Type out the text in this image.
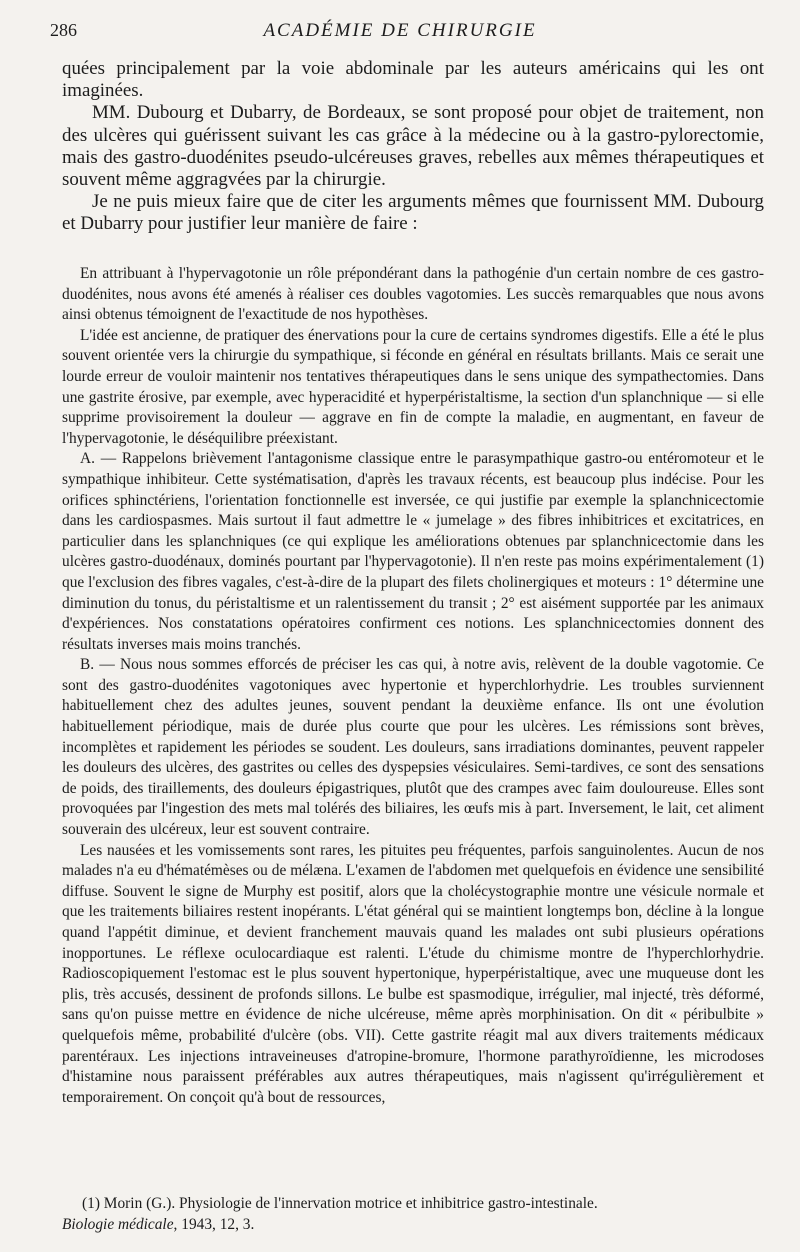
286	ACADÉMIE DE CHIRURGIE

quées principalement par la voie abdominale par les auteurs américains qui les ont imaginées.

MM. Dubourg et Dubarry, de Bordeaux, se sont proposé pour objet de traitement, non des ulcères qui guérissent suivant les cas grâce à la médecine ou à la gastro-pylorectomie, mais des gastro-duodénites pseudo-ulcéreuses graves, rebelles aux mêmes thérapeutiques et souvent même aggragvées par la chirurgie.

Je ne puis mieux faire que de citer les arguments mêmes que fournissent MM. Dubourg et Dubarry pour justifier leur manière de faire :

En attribuant à l'hypervagotonie un rôle prépondérant dans la pathogénie d'un certain nombre de ces gastro-duodénites, nous avons été amenés à réaliser ces doubles vagotomies. Les succès remarquables que nous avons ainsi obtenus témoignent de l'exactitude de nos hypothèses.

L'idée est ancienne, de pratiquer des énervations pour la cure de certains syndromes digestifs. Elle a été le plus souvent orientée vers la chirurgie du sympathique, si féconde en général en résultats brillants. Mais ce serait une lourde erreur de vouloir maintenir nos tentatives thérapeutiques dans le sens unique des sympathectomies. Dans une gastrite érosive, par exemple, avec hyperacidité et hyperpéristaltisme, la section d'un splanchnique — si elle supprime provisoirement la douleur — aggrave en fin de compte la maladie, en augmentant, en faveur de l'hypervagotonie, le déséquilibre préexistant.

A. — Rappelons brièvement l'antagonisme classique entre le parasympathique gastro-ou entéromoteur et le sympathique inhibiteur. Cette systématisation, d'après les travaux récents, est beaucoup plus indécise. Pour les orifices sphinctériens, l'orientation fonctionnelle est inversée, ce qui justifie par exemple la splanchnicectomie dans les cardiospasmes. Mais surtout il faut admettre le « jumelage » des fibres inhibitrices et excitatrices, en particulier dans les splanchniques (ce qui explique les améliorations obtenues par splanchnicectomie dans les ulcères gastro-duodénaux, dominés pourtant par l'hypervagotonie). Il n'en reste pas moins expérimentalement (1) que l'exclusion des fibres vagales, c'est-à-dire de la plupart des filets cholinergiques et moteurs : 1° détermine une diminution du tonus, du péristaltisme et un ralentissement du transit ; 2° est aisément supportée par les animaux d'expériences. Nos constatations opératoires confirment ces notions. Les splanchnicectomies donnent des résultats inverses mais moins tranchés.

B. — Nous nous sommes efforcés de préciser les cas qui, à notre avis, relèvent de la double vagotomie. Ce sont des gastro-duodénites vagotoniques avec hypertonie et hyperchlorhydrie. Les troubles surviennent habituellement chez des adultes jeunes, souvent pendant la deuxième enfance. Ils ont une évolution habituellement périodique, mais de durée plus courte que pour les ulcères. Les rémissions sont brèves, incomplètes et rapidement les périodes se soudent. Les douleurs, sans irradiations dominantes, peuvent rappeler les douleurs des ulcères, des gastrites ou celles des dyspepsies vésiculaires. Semi-tardives, ce sont des sensations de poids, des tiraillements, des douleurs épigastriques, plutôt que des crampes avec faim douloureuse. Elles sont provoquées par l'ingestion des mets mal tolérés des biliaires, les œufs mis à part. Inversement, le lait, cet aliment souverain des ulcéreux, leur est souvent contraire.

Les nausées et les vomissements sont rares, les pituites peu fréquentes, parfois sanguinolentes. Aucun de nos malades n'a eu d'hématémèses ou de mélæna. L'examen de l'abdomen met quelquefois en évidence une sensibilité diffuse. Souvent le signe de Murphy est positif, alors que la cholécystographie montre une vésicule normale et que les traitements biliaires restent inopérants. L'état général qui se maintient longtemps bon, décline à la longue quand l'appétit diminue, et devient franchement mauvais quand les malades ont subi plusieurs opérations inopportunes. Le réflexe oculocardiaque est ralenti. L'étude du chimisme montre de l'hyperchlorhydrie. Radioscopiquement l'estomac est le plus souvent hypertonique, hyperpéristaltique, avec une muqueuse dont les plis, très accusés, dessinent de profonds sillons. Le bulbe est spasmodique, irrégulier, mal injecté, très déformé, sans qu'on puisse mettre en évidence de niche ulcéreuse, même après morphinisation. On dit « péribulbite » quelquefois même, probabilité d'ulcère (obs. VII). Cette gastrite réagit mal aux divers traitements médicaux parentéraux. Les injections intraveineuses d'atropine-bromure, l'hormone parathyroïdienne, les microdoses d'histamine nous paraissent préférables aux autres thérapeutiques, mais n'agissent qu'irrégulièrement et temporairement. On conçoit qu'à bout de ressources,

(1) Morin (G.). Physiologie de l'innervation motrice et inhibitrice gastro-intestinale.

Biologie médicale, 1943, 12, 3.
